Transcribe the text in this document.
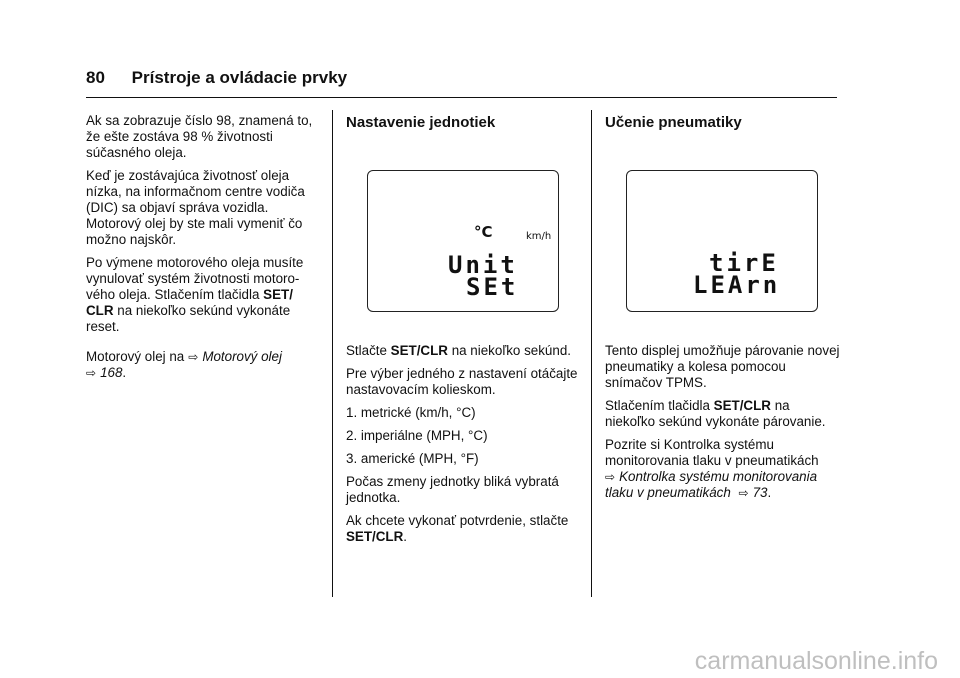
80 Prístroje a ovládacie prvky

Ak sa zobrazuje číslo 98, znamená to, že ešte zostáva 98 % životnosti súčasného oleja.

Keď je zostávajúca životnosť oleja nízka, na informačnom centre vodiča (DIC) sa objaví správa vozidla. Motorový olej by ste mali vymeniť čo možno najskôr.

Po výmene motorového oleja musíte vynulovať systém životnosti motoro-vého oleja. Stlačením tlačidla SET/ CLR na niekoľko sekúnd vykonáte reset.

Motorový olej na ⇨ Motorový olej
⇨ 168.

Nastavenie jednotiek
°C	km/h
Unit
SEt

Stlačte SET/CLR na niekoľko sekúnd.

Pre výber jedného z nastavení otáčajte nastavovacím kolieskom.

1. metrické (km/h, °C)

2. imperiálne (MPH, °C)

3. americké (MPH, °F)

Počas zmeny jednotky bliká vybratá jednotka.

Ak chcete vykonať potvrdenie, stlačte SET/CLR.

Učenie pneumatiky
tirE
LEArn

Tento displej umožňuje párovanie novej pneumatiky a kolesa pomocou snímačov TPMS.

Stlačením tlačidla SET/CLR na niekoľko sekúnd vykonáte párovanie.

Pozrite si Kontrolka systému monitorovania tlaku v pneumatikách
⇨ Kontrolka systému monitorovania tlaku v pneumatikách ⇨ 73.

carmanualsonline.info
